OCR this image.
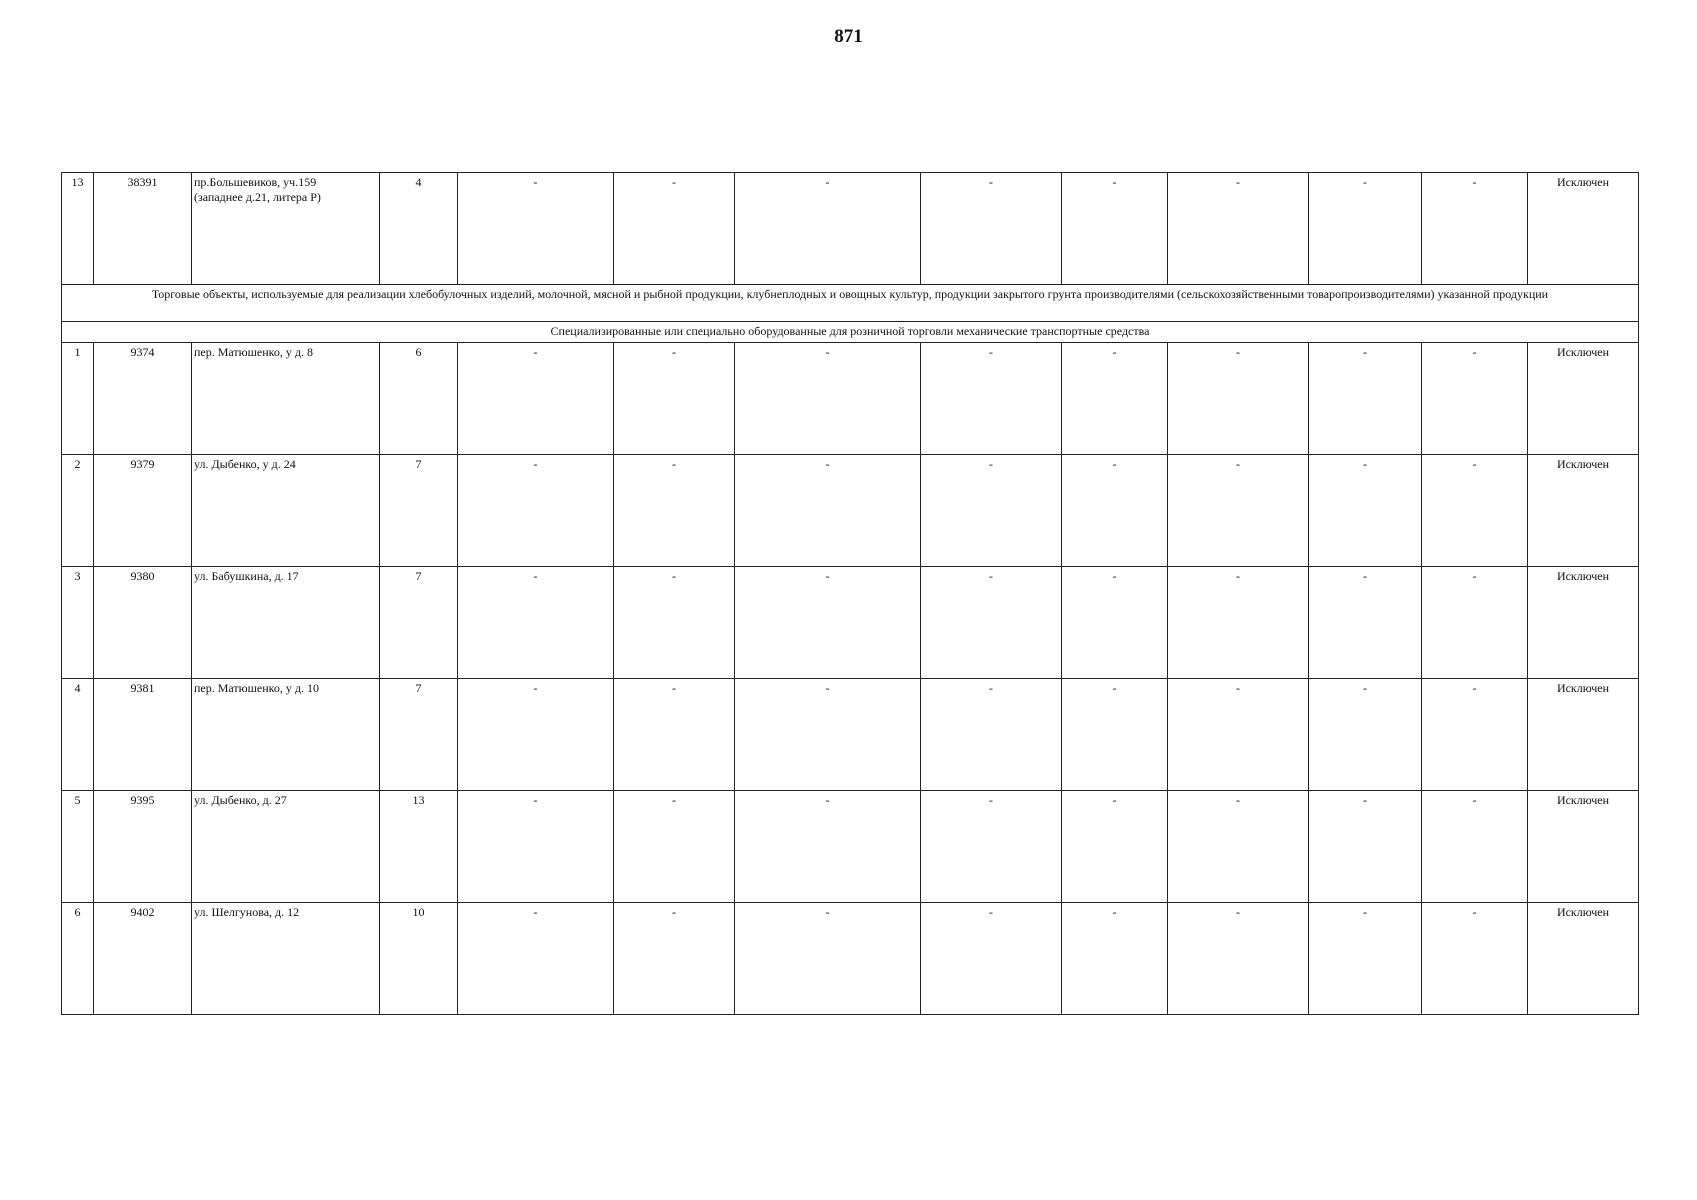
871
13	38391	пр.Большевиков, уч.159
(западнее д.21, литера Р)	4	-	-	-	-	-	-	-	-	Исключен
Торговые объекты, используемые для реализации хлебобулочных изделий, молочной, мясной и рыбной продукции, клубнеплодных и овощных культур, продукции закрытого грунта производителями (сельскохозяйственными товаропроизводителями) указанной продукции												
Специализированные или специально оборудованные для розничной торговли механические транспортные средства												
1	9374	пер. Матюшенко, у д. 8	6	-	-	-	-	-	-	-	-	Исключен
2	9379	ул. Дыбенко, у д. 24	7	-	-	-	-	-	-	-	-	Исключен
3	9380	ул. Бабушкина, д. 17	7	-	-	-	-	-	-	-	-	Исключен
4	9381	пер. Матюшенко, у д. 10	7	-	-	-	-	-	-	-	-	Исключен
5	9395	ул. Дыбенко, д. 27	13	-	-	-	-	-	-	-	-	Исключен
6	9402	ул. Шелгунова, д. 12	10	-	-	-	-	-	-	-	-	Исключен
